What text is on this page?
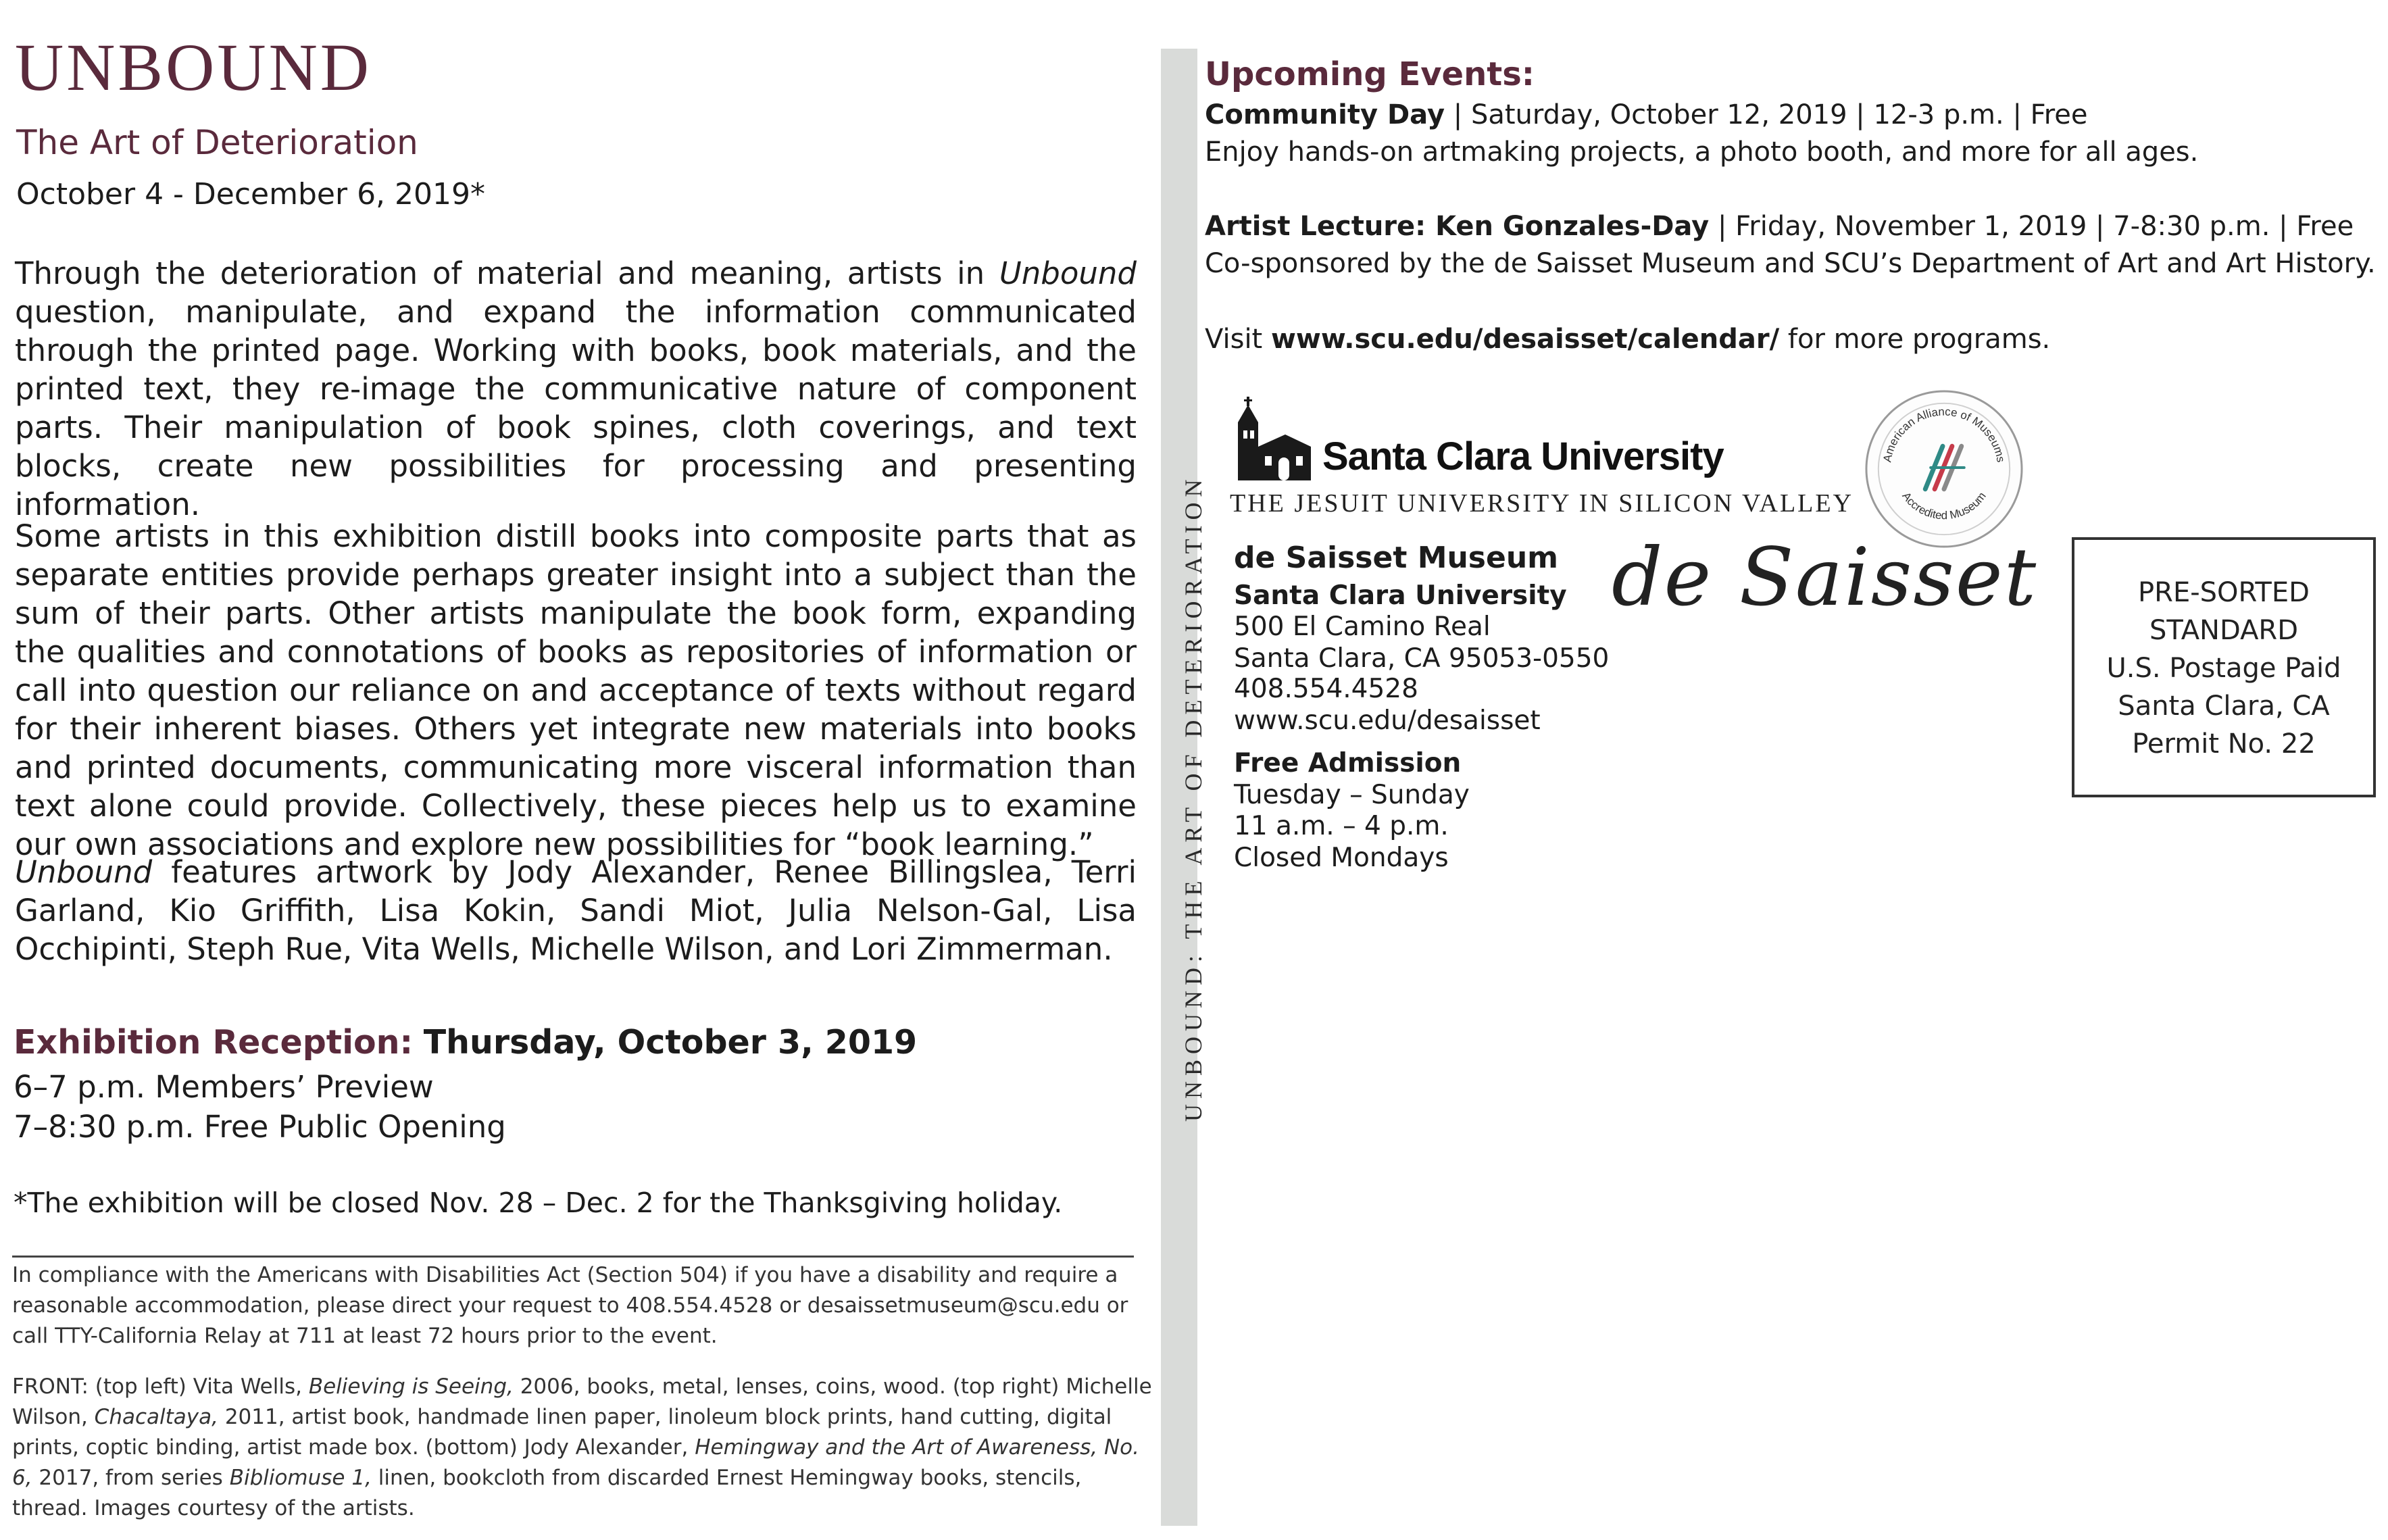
UNBOUND
The Art of Deterioration
October 4 - December 6, 2019*
Through the deterioration of material and meaning, artists in Unbound question, manipulate, and expand the information communicated through the printed page. Working with books, book materials, and the printed text, they re-image the communicative nature of component parts. Their manipulation of book spines, cloth coverings, and text blocks, create new possibilities for processing and presenting information.
Some artists in this exhibition distill books into composite parts that as separate entities provide perhaps greater insight into a subject than the sum of their parts. Other artists manipulate the book form, expanding the qualities and connotations of books as repositories of information or call into question our reliance on and acceptance of texts without regard for their inherent biases. Others yet integrate new materials into books and printed documents, communicating more visceral information than text alone could provide. Collectively, these pieces help us to examine our own associations and explore new possibilities for “book learning.”
Unbound features artwork by Jody Alexander, Renee Billingslea, Terri Garland, Kio Griffith, Lisa Kokin, Sandi Miot, Julia Nelson-Gal, Lisa Occhipinti, Steph Rue, Vita Wells, Michelle Wilson, and Lori Zimmerman.
Exhibition Reception: Thursday, October 3, 2019
6–7 p.m. Members’ Preview
7–8:30 p.m. Free Public Opening
*The exhibition will be closed Nov. 28 – Dec. 2 for the Thanksgiving holiday.
In compliance with the Americans with Disabilities Act (Section 504) if you have a disability and require a reasonable accommodation, please direct your request to 408.554.4528 or desaissetmuseum@scu.edu or call TTY-California Relay at 711 at least 72 hours prior to the event.
FRONT: (top left) Vita Wells, Believing is Seeing, 2006, books, metal, lenses, coins, wood. (top right) Michelle Wilson, Chacaltaya, 2011, artist book, handmade linen paper, linoleum block prints, hand cutting, digital prints, coptic binding, artist made box. (bottom) Jody Alexander, Hemingway and the Art of Awareness, No. 6, 2017, from series Bibliomuse 1, linen, bookcloth from discarded Ernest Hemingway books, stencils, thread. Images courtesy of the artists.
UNBOUND: THE ART OF DETERIORATION
Upcoming Events:
Community Day | Saturday, October 12, 2019 | 12-3 p.m. | Free
Enjoy hands-on artmaking projects, a photo booth, and more for all ages.
Artist Lecture: Ken Gonzales-Day | Friday, November 1, 2019 | 7-8:30 p.m. | Free
Co-sponsored by the de Saisset Museum and SCU’s Department of Art and Art History.
Visit www.scu.edu/desaisset/calendar/ for more programs.
Santa Clara University
THE JESUIT UNIVERSITY IN SILICON VALLEY
American Alliance of Museums
Accredited Museum
de Saisset Museum
Santa Clara University
500 El Camino Real
Santa Clara, CA 95053-0550
408.554.4528
www.scu.edu/desaisset
Free Admission
Tuesday – Sunday
11 a.m. – 4 p.m.
Closed Mondays
de Saisset	PRE-SORTED
STANDARD
U.S. Postage Paid
Santa Clara, CA
Permit No. 22
